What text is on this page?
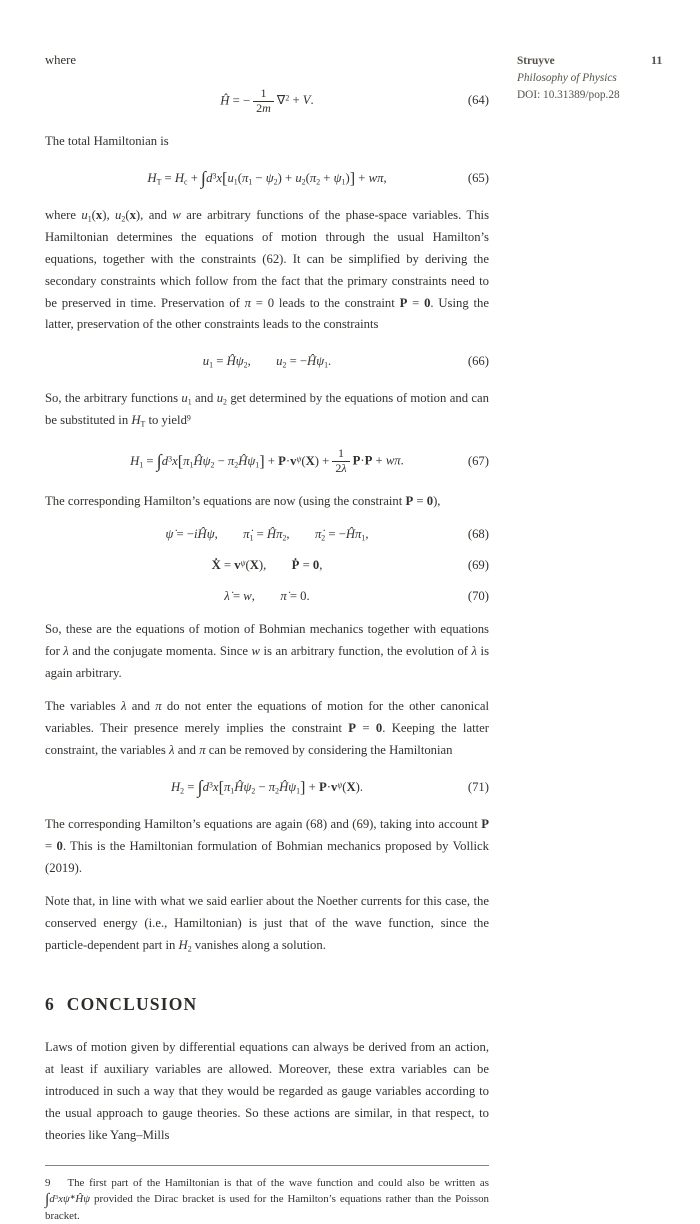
Struyve
Philosophy of Physics
DOI: 10.31389/pop.28
11

where

Ĥ = − $\frac{1}{2m} \nabla^2 + V$.	(64)

The total Hamiltonian is

$H_T = H_c + \int d^3x[u_1(\pi_1 - \psi_2) + u_2(\pi_2 + \psi_1)] + w\pi$,	(65)

where $u_1(x)$, $u_2(x)$, and w are arbitrary functions of the phase-space variables. This Hamiltonian determines the equations of motion through the usual Hamilton’s equations, together with the constraints (62). It can be simplified by deriving the secondary constraints which follow from the fact that the primary constraints need to be preserved in time. Preservation of π = 0 leads to the constraint P = 0. Using the latter, preservation of the other constraints leads to the constraints

$u_1$ = $Ĥ\psi_2$,  $u_2$ = $-Ĥ\psi_1$.	(66)

So, the arbitrary functions $u_1$ and $u_2$ get determined by the equations of motion and can be substituted in $H_T$ to yield$^9$

$H_1$ = $\int d^3x[\pi_1Ĥ\psi_2$ − $\pi_2Ĥ\psi_1] + P\cdot v^\psi(X) + \frac{1}{2\lambda} P\cdot P + w\pi$.	(67)

The corresponding Hamilton’s equations are now (using the constraint P = 0),

ψ̇ = −iĤψ,  $\pi̇_1$ = $Ĥ\pi_2$,  $\pi̇_2$ = $-Ĥ\pi_1$,	(68)
Ẋ = $v^\psi(X)$,  Ṗ = 0,	(69)
λ̇ = w,  π̇ = 0.	(70)

So, these are the equations of motion of Bohmian mechanics together with equations for λ and the conjugate momenta. Since w is an arbitrary function, the evolution of λ is again arbitrary.

The variables λ and π do not enter the equations of motion for the other canonical variables. Their presence merely implies the constraint P = 0. Keeping the latter constraint, the variables λ and π can be removed by considering the Hamiltonian

$H_2$ = $\int d^3x[\pi_1Ĥ\psi_2$ − $\pi_2Ĥ\psi_1] + P\cdot v^\psi(X)$.	(71)

The corresponding Hamilton’s equations are again (68) and (69), taking into account P = 0. This is the Hamiltonian formulation of Bohmian mechanics proposed by Vollick (2019).

Note that, in line with what we said earlier about the Noether currents for this case, the conserved energy (i.e., Hamiltonian) is just that of the wave function, since the particle-dependent part in $H_2$ vanishes along a solution.

6 CONCLUSION

Laws of motion given by differential equations can always be derived from an action, at least if auxiliary variables are allowed. Moreover, these extra variables can be introduced in such a way that they would be regarded as gauge variables according to the usual approach to gauge theories. So these actions are similar, in that respect, to theories like Yang–Mills

9 The first part of the Hamiltonian is that of the wave function and could also be written as $\int d^3x\psi^∗Ĥ\psi$ provided the Dirac bracket is used for the Hamilton’s equations rather than the Poisson bracket.
